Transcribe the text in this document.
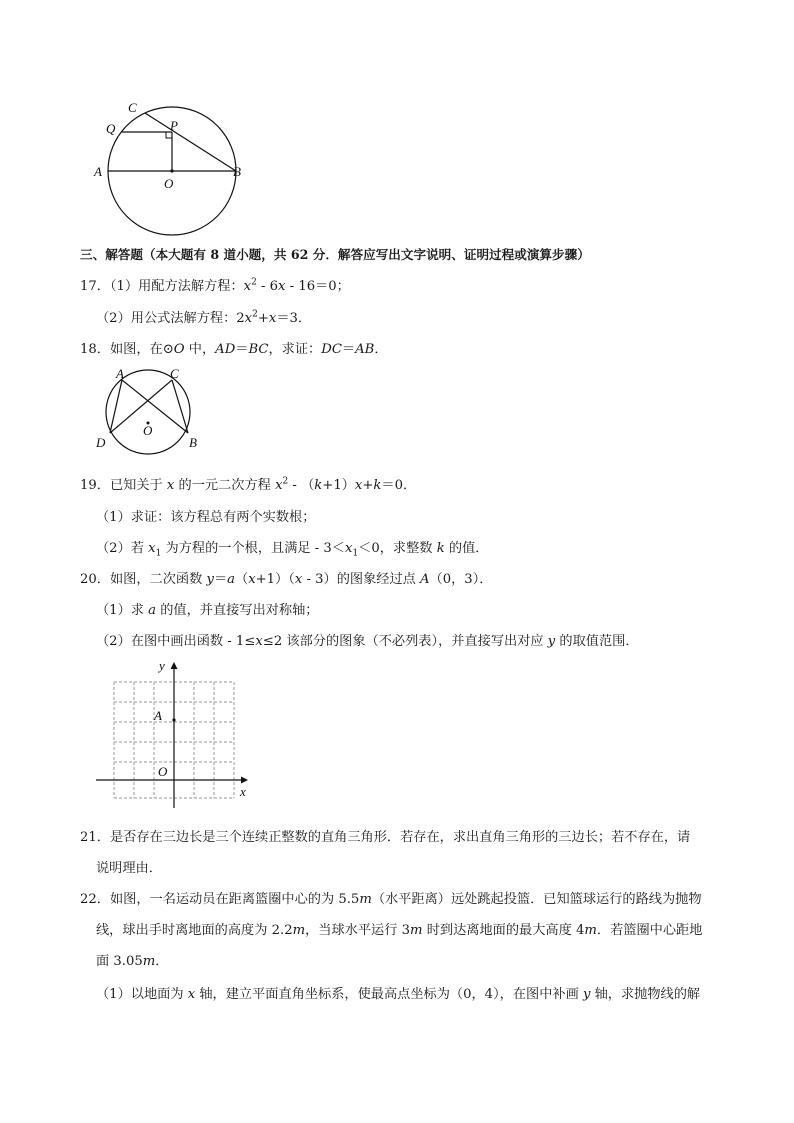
C
Q	P
A
O
B
三、解答题（本大题有 8 道小题，共 62 分．解答应写出文字说明、证明过程或演算步骤）
17．（1）用配方法解方程：$x^2 - 6x - 16=0$；
（2）用公式法解方程：$2x^2+x=3$．
18．如图，在⊙O 中，AD＝BC，求证：DC＝AB．
A	C
O
D	B
19．已知关于 x 的一元二次方程 $x^2 - (k+1)x+k=0$．
（1）求证：该方程总有两个实数根；
（2）若 $x_1$ 为方程的一个根，且满足 - $3<x_1<0$，求整数 k 的值．
20．如图，二次函数 y＝a（x+1）（x - 3）的图象经过点 A（0，3）．
（1）求 a 的值，并直接写出对称轴；
（2）在图中画出函数 - 1≤x≤2 该部分的图象（不必列表），并直接写出对应 y 的取值范围．
y
x
A
O
21．是否存在三边长是三个连续正整数的直角三角形．若存在，求出直角三角形的三边长；若不存在，请
说明理由．
22．如图，一名运动员在距离篮圈中心的为 5.5m（水平距离）远处跳起投篮．已知篮球运行的路线为抛物
线，球出手时离地面的高度为 2.2m，当球水平运行 3m 时到达离地面的最大高度 4m．若篮圈中心距地
面 3.05m．
（1）以地面为 x 轴，建立平面直角坐标系，使最高点坐标为（0，4），在图中补画 y 轴，求抛物线的解
